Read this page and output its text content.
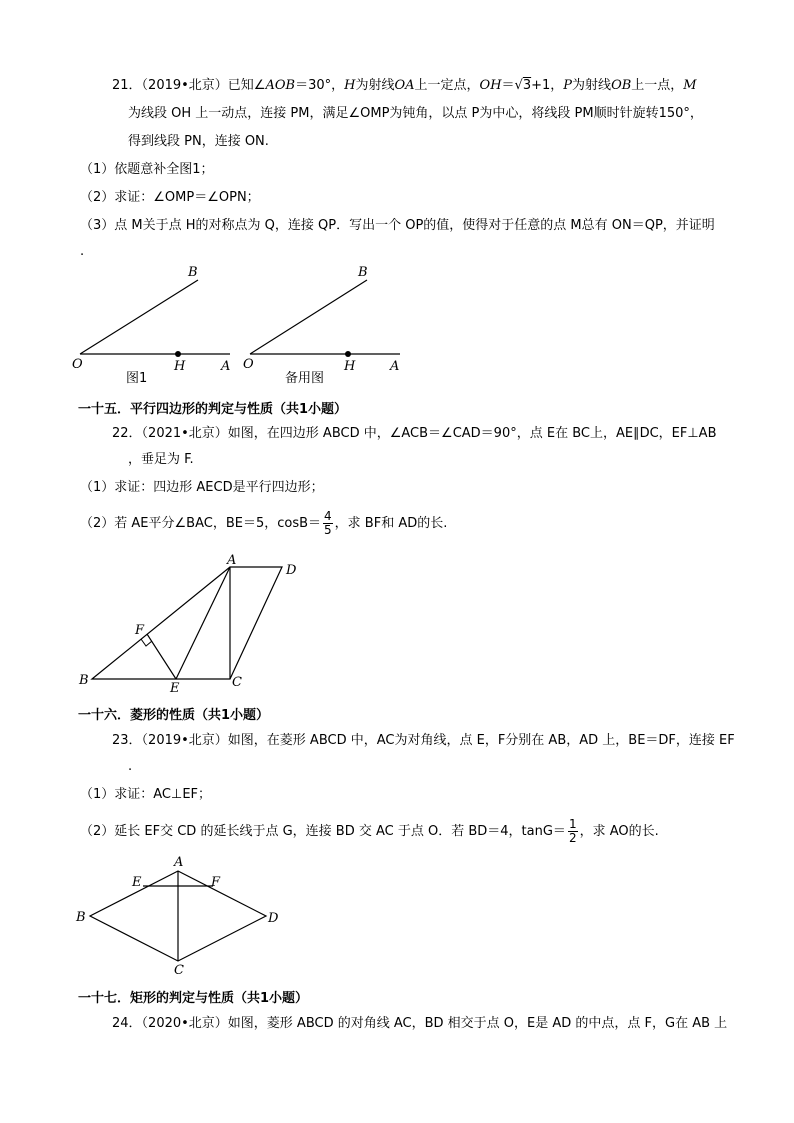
21．（2019•北京）已知∠AOB＝30°，H为射线OA上一定点，OH＝√3+1，P为射线OB上一点，M
为线段 OH 上一动点，连接 PM，满足∠OMP为钝角，以点 P为中心，将线段 PM顺时针旋转150°，
得到线段 PN，连接 ON.
（1）依题意补全图1；
（2）求证：∠OMP＝∠OPN；
（3）点 M关于点 H的对称点为 Q，连接 QP．写出一个 OP的值，使得对于任意的点 M总有 ON＝QP，并证明
.
O	H	A
B
图1
O	H	A
B
备用图
A
B	C
D
E
F
A
B
C
D
E	F
一十五．平行四边形的判定与性质（共1小题）
22．（2021•北京）如图，在四边形 ABCD 中，∠ACB＝∠CAD＝90°，点 E在 BC上，AE∥DC，EF⊥AB
，垂足为 F.
（1）求证：四边形 AECD是平行四边形；
（2）若 AE平分∠BAC，BE＝5，$\cos B= \frac{4}{5}$ ，求 BF和 AD的长.
一十六．菱形的性质（共1小题）
23．（2019•北京）如图，在菱形 ABCD 中，AC为对角线，点 E，F分别在 AB，AD 上，BE＝DF，连接 EF
.
（1）求证：AC⊥EF；
（2）延长 EF交 CD 的延长线于点 G，连接 BD 交 AC 于点 O．若 BD＝4，$\tan G= \frac{1}{2}$ ，求 AO的长.
一十七．矩形的判定与性质（共1小题）
24．（2020•北京）如图，菱形 ABCD 的对角线 AC，BD 相交于点 O，E是 AD 的中点，点 F，G在 AB 上
